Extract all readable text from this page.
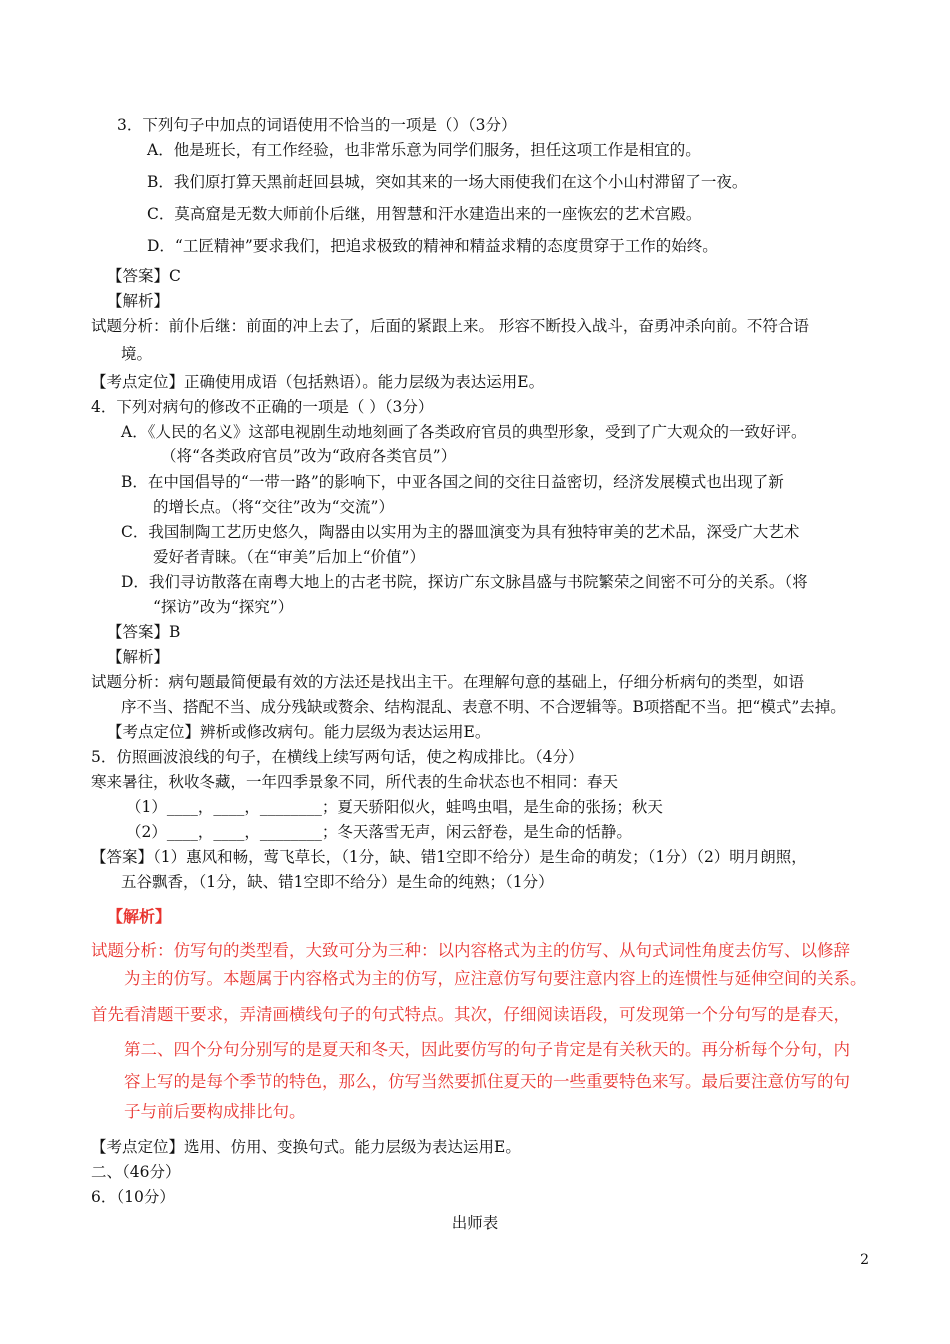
3．下列句子中加点的词语使用不恰当的一项是（）（3分）
A．他是班长，有工作经验，也非常乐意为同学们服务，担任这项工作是相宜的。
B．我们原打算天黑前赶回县城，突如其来的一场大雨使我们在这个小山村滞留了一夜。
C．莫高窟是无数大师前仆后继，用智慧和汗水建造出来的一座恢宏的艺术宫殿。
D．“工匠精神”要求我们，把追求极致的精神和精益求精的态度贯穿于工作的始终。
【答案】C
【解析】
试题分析：前仆后继：前面的冲上去了，后面的紧跟上来。 形容不断投入战斗，奋勇冲杀向前。不符合语
境。
【考点定位】正确使用成语（包括熟语）。能力层级为表达运用E。
4．下列对病句的修改不正确的一项是（ ）（3分）
A．《人民的名义》这部电视剧生动地刻画了各类政府官员的典型形象，受到了广大观众的一致好评。
（将“各类政府官员”改为“政府各类官员”）
B．在中国倡导的“一带一路”的影响下，中亚各国之间的交往日益密切，经济发展模式也出现了新
的增长点。（将“交往”改为“交流”）
C．我国制陶工艺历史悠久，陶器由以实用为主的器皿演变为具有独特审美的艺术品，深受广大艺术
爱好者青睐。（在“审美”后加上“价值”）
D．我们寻访散落在南粤大地上的古老书院，探访广东文脉昌盛与书院繁荣之间密不可分的关系。（将
“探访”改为“探究”）
【答案】B
【解析】
试题分析：病句题最简便最有效的方法还是找出主干。在理解句意的基础上，仔细分析病句的类型，如语
序不当、搭配不当、成分残缺或赘余、结构混乱、表意不明、不合逻辑等。B项搭配不当。把“模式”去掉。
【考点定位】辨析或修改病句。能力层级为表达运用E。
5．仿照画波浪线的句子，在横线上续写两句话，使之构成排比。（4分）
寒来暑往，秋收冬藏，一年四季景象不同，所代表的生命状态也不相同：春天
（1）____，____，________；夏天骄阳似火，蛙鸣虫唱，是生命的张扬；秋天
（2）____，____，________；冬天落雪无声，闲云舒卷，是生命的恬静。
【答案】（1）惠风和畅，莺飞草长，（1分，缺、错1空即不给分）是生命的萌发；（1分）（2）明月朗照，
五谷飘香，（1分，缺、错1空即不给分）是生命的纯熟；（1分）
【解析】
试题分析：仿写句的类型看，大致可分为三种：以内容格式为主的仿写、从句式词性角度去仿写、以修辞
为主的仿写。本题属于内容格式为主的仿写，应注意仿写句要注意内容上的连惯性与延伸空间的关系。
首先看清题干要求，弄清画横线句子的句式特点。其次，仔细阅读语段，可发现第一个分句写的是春天，
第二、四个分句分别写的是夏天和冬天，因此要仿写的句子肯定是有关秋天的。再分析每个分句，内
容上写的是每个季节的特色，那么，仿写当然要抓住夏天的一些重要特色来写。最后要注意仿写的句
子与前后要构成排比句。
【考点定位】选用、仿用、变换句式。能力层级为表达运用E。
二、（46分）
6．（10分）
出师表
2
